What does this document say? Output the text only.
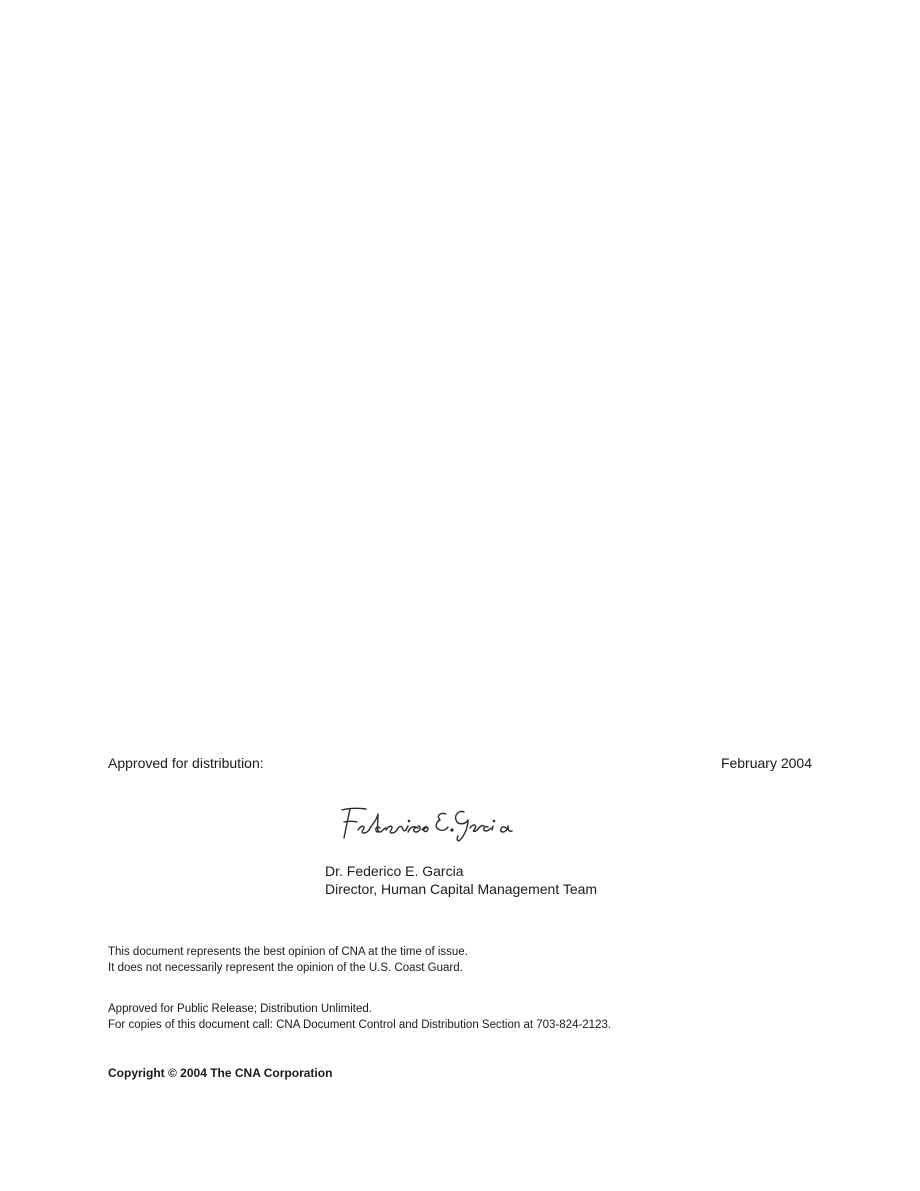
Approved for distribution:	February 2004
Dr. Federico E. Garcia
Director, Human Capital Management Team
This document represents the best opinion of CNA at the time of issue.
It does not necessarily represent the opinion of the U.S. Coast Guard.
Approved for Public Release; Distribution Unlimited.
For copies of this document call: CNA Document Control and Distribution Section at 703-824-2123.
Copyright © 2004 The CNA Corporation
